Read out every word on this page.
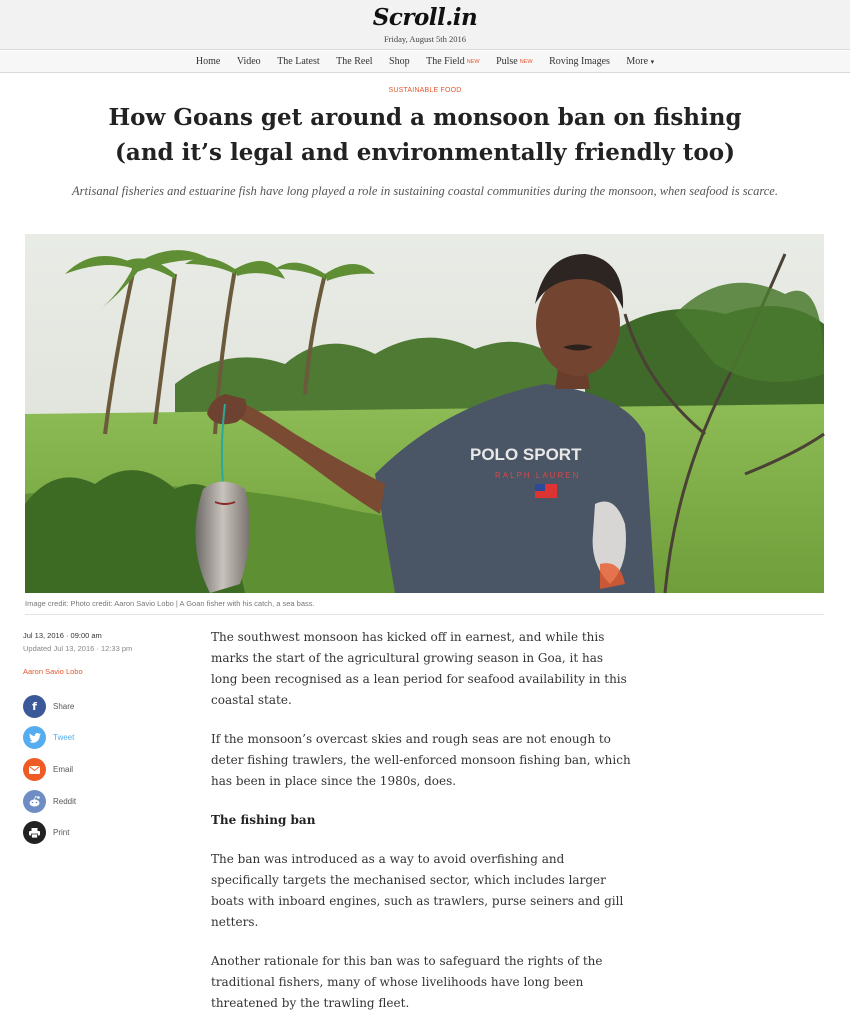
Scroll.in
Friday, August 5th 2016
Home Video The Latest The Reel Shop The Field NEW Pulse NEW Roving Images More ▾
SUSTAINABLE FOOD
How Goans get around a monsoon ban on fishing (and it’s legal and environmentally friendly too)
Artisanal fisheries and estuarine fish have long played a role in sustaining coastal communities during the monsoon, when seafood is scarce.
POLO SPORT
RALPH LAUREN
Image credit: Photo credit: Aaron Savio Lobo | A Goan fisher with his catch, a sea bass.
Jul 13, 2016 · 09:00 am
Updated Jul 13, 2016 · 12:33 pm
Aaron Savio Lobo
f	Share
Tweet
Email
Reddit
Print

The southwest monsoon has kicked off in earnest, and while this marks the start of the agricultural growing season in Goa, it has long been recognised as a lean period for seafood availability in this coastal state.

If the monsoon’s overcast skies and rough seas are not enough to deter fishing trawlers, the well-enforced monsoon fishing ban, which has been in place since the 1980s, does.

The fishing ban

The ban was introduced as a way to avoid overfishing and specifically targets the mechanised sector, which includes larger boats with inboard engines, such as trawlers, purse seiners and gill netters.

Another rationale for this ban was to safeguard the rights of the traditional fishers, many of whose livelihoods have long been threatened by the trawling fleet.
